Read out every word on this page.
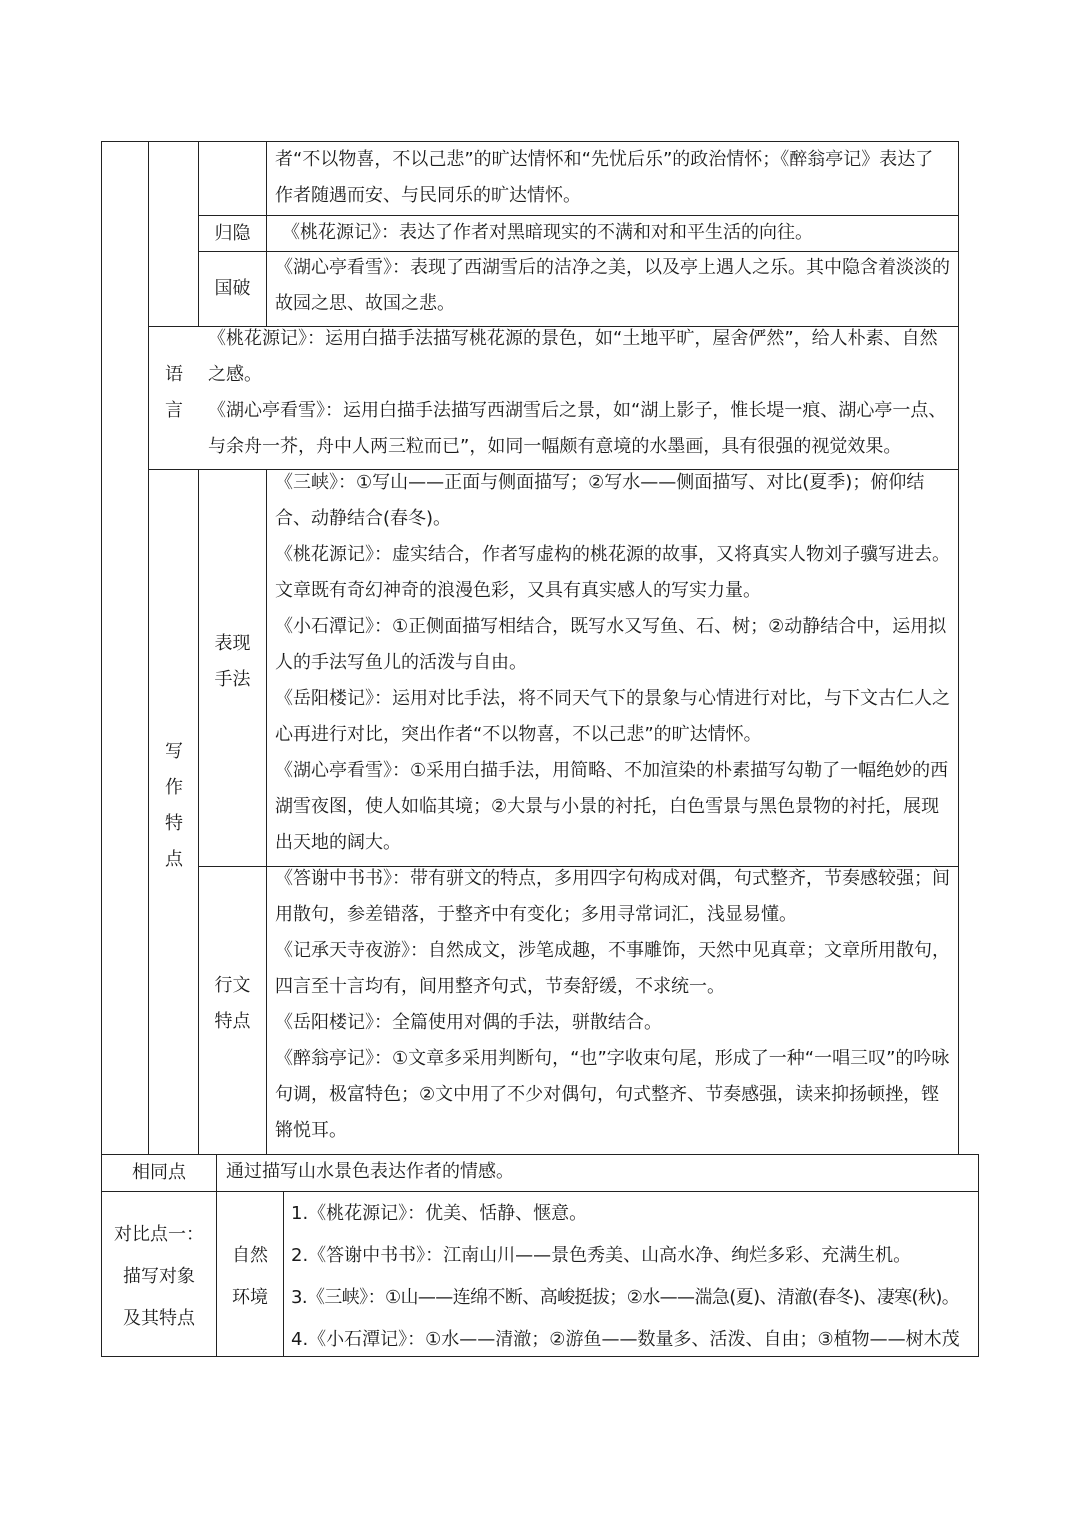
者“不以物喜，不以己悲”的旷达情怀和“先忧后乐”的政治情怀；《醉翁亭记》表达了作者随遇而安、与民同乐的旷达情怀。
归隐 《桃花源记》：表达了作者对黑暗现实的不满和对和平生活的向往。
国破
《湖心亭看雪》：表现了西湖雪后的洁净之美，以及亭上遇人之乐。其中隐含着淡淡的故园之思、故国之悲。
语
言
《桃花源记》：运用白描手法描写桃花源的景色，如“土地平旷，屋舍俨然”，给人朴素、自然之感。
《湖心亭看雪》：运用白描手法描写西湖雪后之景，如“湖上影子，惟长堤一痕、湖心亭一点、与余舟一芥，舟中人两三粒而已”，如同一幅颇有意境的水墨画，具有很强的视觉效果。
写
作
特
点
表现
手法
《三峡》：①写山——正面与侧面描写；②写水——侧面描写、对比(夏季)；俯仰结合、动静结合(春冬)。
《桃花源记》：虚实结合，作者写虚构的桃花源的故事，又将真实人物刘子骥写进去。文章既有奇幻神奇的浪漫色彩，又具有真实感人的写实力量。
《小石潭记》：①正侧面描写相结合，既写水又写鱼、石、树；②动静结合中，运用拟人的手法写鱼儿的活泼与自由。
《岳阳楼记》：运用对比手法，将不同天气下的景象与心情进行对比，与下文古仁人之心再进行对比，突出作者“不以物喜，不以己悲”的旷达情怀。
《湖心亭看雪》：①采用白描手法，用简略、不加渲染的朴素描写勾勒了一幅绝妙的西湖雪夜图，使人如临其境；②大景与小景的衬托，白色雪景与黑色景物的衬托，展现出天地的阔大。
行文
特点
《答谢中书书》：带有骈文的特点，多用四字句构成对偶，句式整齐，节奏感较强；间用散句，参差错落，于整齐中有变化；多用寻常词汇，浅显易懂。
《记承天寺夜游》：自然成文，涉笔成趣，不事雕饰，天然中见真章；文章所用散句，四言至十言均有，间用整齐句式，节奏舒缓，不求统一。
《岳阳楼记》：全篇使用对偶的手法，骈散结合。
《醉翁亭记》：①文章多采用判断句，“也”字收束句尾，形成了一种“一唱三叹”的吟咏句调，极富特色；②文中用了不少对偶句，句式整齐、节奏感强，读来抑扬顿挫，铿锵悦耳。
相同点 通过描写山水景色表达作者的情感。
对比点一：
描写对象
及其特点
自然
环境
1.《桃花源记》：优美、恬静、惬意。
2.《答谢中书书》：江南山川——景色秀美、山高水净、绚烂多彩、充满生机。
3.《三峡》：①山——连绵不断、高峻挺拔；②水——湍急(夏)、清澈(春冬)、凄寒(秋)。
4.《小石潭记》：①水——清澈；②游鱼——数量多、活泼、自由；③植物——树木茂
